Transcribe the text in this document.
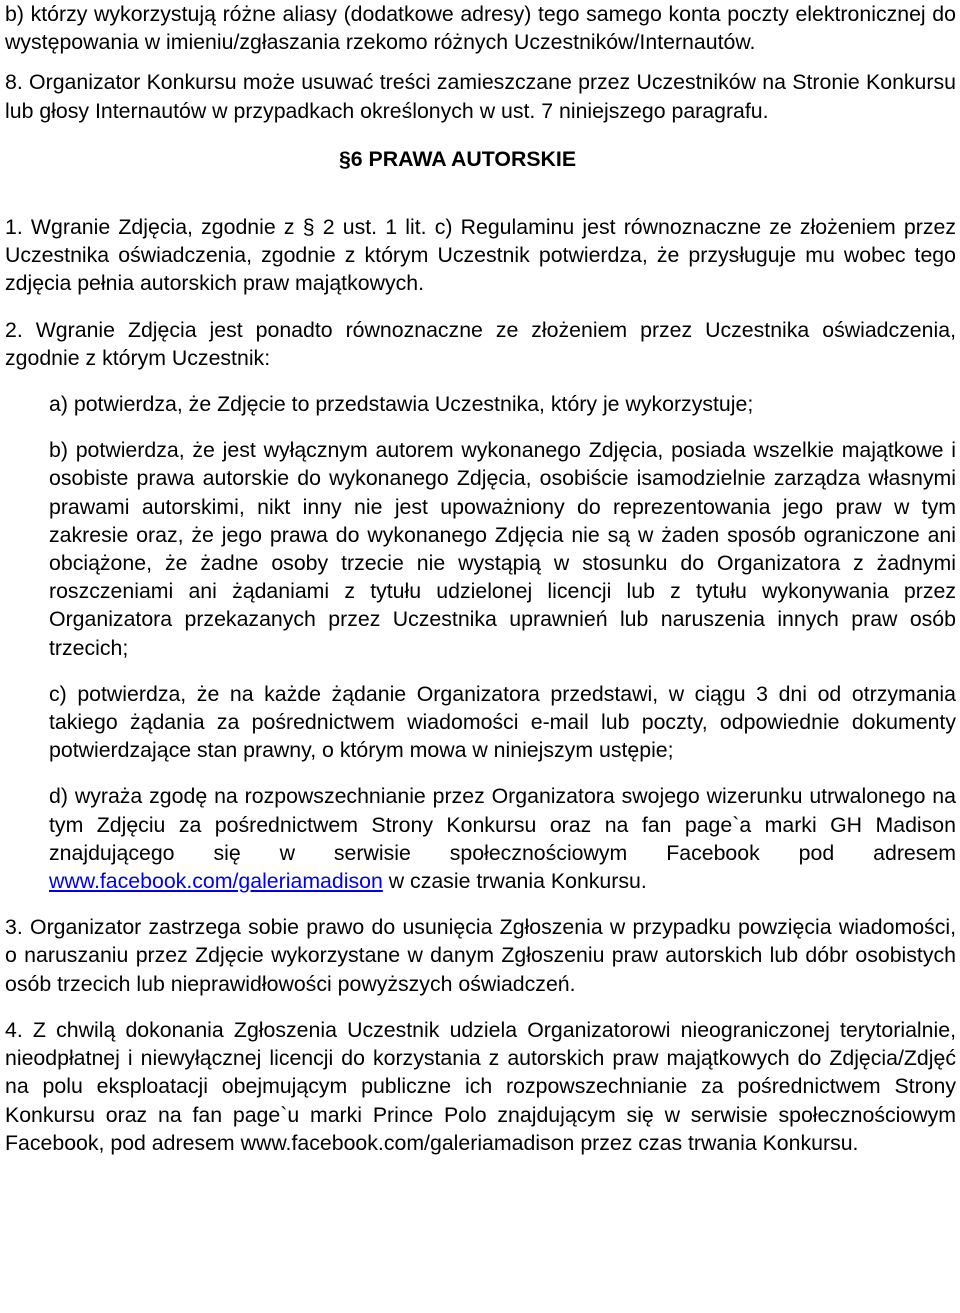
b) którzy wykorzystują różne aliasy (dodatkowe adresy) tego samego konta poczty elektronicznej do występowania w imieniu/zgłaszania rzekomo różnych Uczestników/Internautów.

8. Organizator Konkursu może usuwać treści zamieszczane przez Uczestników na Stronie Konkursu lub głosy Internautów w przypadkach określonych w ust. 7 niniejszego paragrafu.

§6 PRAWA AUTORSKIE

1. Wgranie Zdjęcia, zgodnie z § 2 ust. 1 lit. c) Regulaminu jest równoznaczne ze złożeniem przez Uczestnika oświadczenia, zgodnie z którym Uczestnik potwierdza, że przysługuje mu wobec tego zdjęcia pełnia autorskich praw majątkowych.

2. Wgranie Zdjęcia jest ponadto równoznaczne ze złożeniem przez Uczestnika oświadczenia, zgodnie z którym Uczestnik:

a) potwierdza, że Zdjęcie to przedstawia Uczestnika, który je wykorzystuje;

b) potwierdza, że jest wyłącznym autorem wykonanego Zdjęcia, posiada wszelkie majątkowe i osobiste prawa autorskie do wykonanego Zdjęcia, osobiście isamodzielnie zarządza własnymi prawami autorskimi, nikt inny nie jest upoważniony do reprezentowania jego praw w tym zakresie oraz, że jego prawa do wykonanego Zdjęcia nie są w żaden sposób ograniczone ani obciążone, że żadne osoby trzecie nie wystąpią w stosunku do Organizatora z żadnymi roszczeniami ani żądaniami z tytułu udzielonej licencji lub z tytułu wykonywania przez Organizatora przekazanych przez Uczestnika uprawnień lub naruszenia innych praw osób trzecich;

c) potwierdza, że na każde żądanie Organizatora przedstawi, w ciągu 3 dni od otrzymania takiego żądania za pośrednictwem wiadomości e-mail lub poczty, odpowiednie dokumenty potwierdzające stan prawny, o którym mowa w niniejszym ustępie;

d) wyraża zgodę na rozpowszechnianie przez Organizatora swojego wizerunku utrwalonego na tym Zdjęciu za pośrednictwem Strony Konkursu oraz na fan page`a marki GH Madison znajdującego się w serwisie społecznościowym Facebook pod adresem www.facebook.com/galeriamadison w czasie trwania Konkursu.

3. Organizator zastrzega sobie prawo do usunięcia Zgłoszenia w przypadku powzięcia wiadomości, o naruszaniu przez Zdjęcie wykorzystane w danym Zgłoszeniu praw autorskich lub dóbr osobistych osób trzecich lub nieprawidłowości powyższych oświadczeń.

4. Z chwilą dokonania Zgłoszenia Uczestnik udziela Organizatorowi nieograniczonej terytorialnie, nieodpłatnej i niewyłącznej licencji do korzystania z autorskich praw majątkowych do Zdjęcia/Zdjęć na polu eksploatacji obejmującym publiczne ich rozpowszechnianie za pośrednictwem Strony Konkursu oraz na fan page`u marki Prince Polo znajdującym się w serwisie społecznościowym Facebook, pod adresem www.facebook.com/galeriamadison przez czas trwania Konkursu.
